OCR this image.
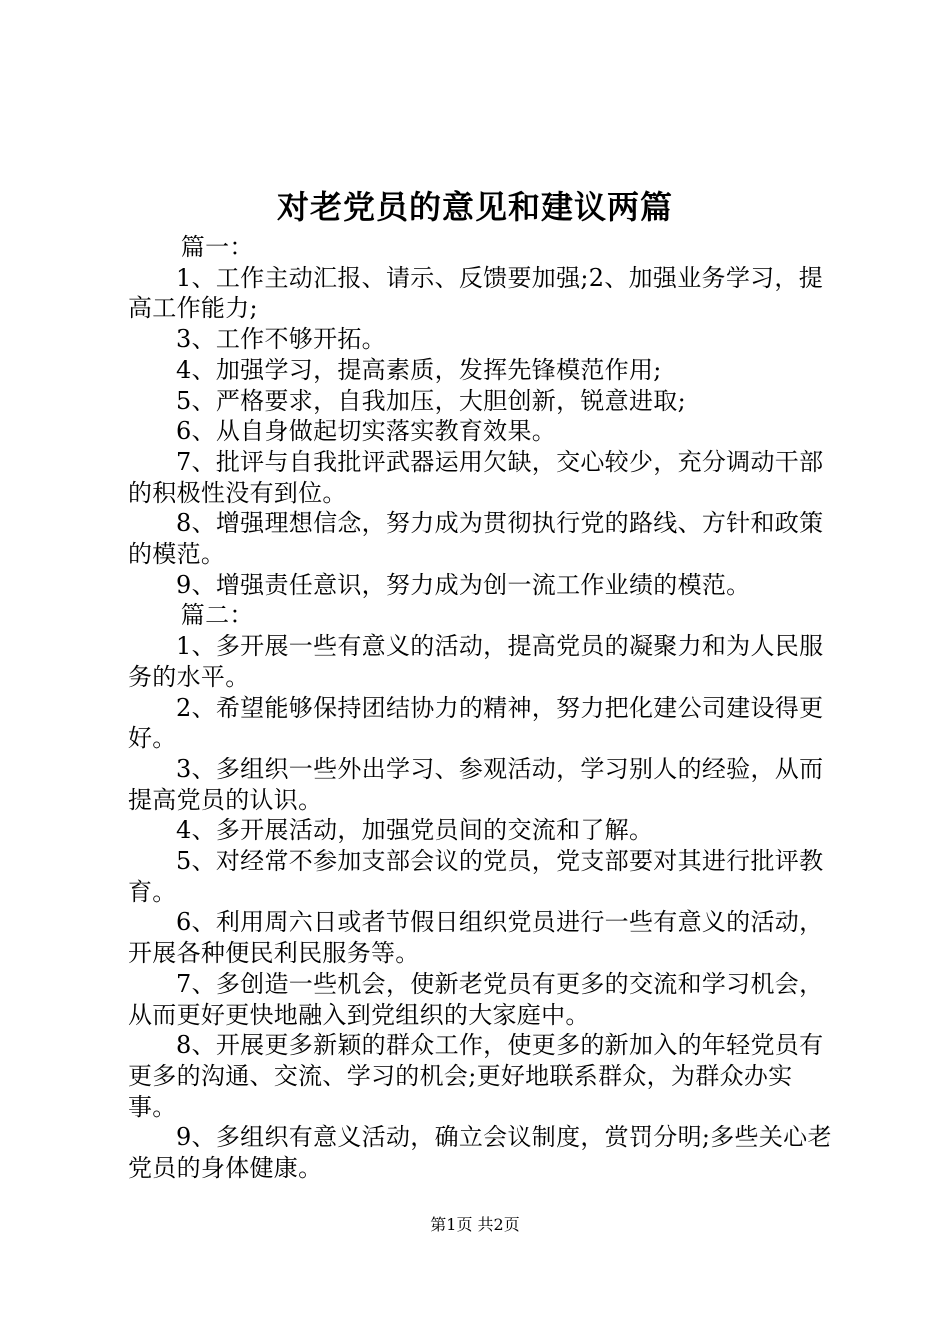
对老党员的意见和建议两篇

篇一：

1、工作主动汇报、请示、反馈要加强;2、加强业务学习，提高工作能力;

3、工作不够开拓。

4、加强学习，提高素质，发挥先锋模范作用;

5、严格要求，自我加压，大胆创新，锐意进取;

6、从自身做起切实落实教育效果。

7、批评与自我批评武器运用欠缺，交心较少，充分调动干部的积极性没有到位。

8、增强理想信念，努力成为贯彻执行党的路线、方针和政策的模范。

9、增强责任意识，努力成为创一流工作业绩的模范。

篇二：

1、多开展一些有意义的活动，提高党员的凝聚力和为人民服务的水平。

2、希望能够保持团结协力的精神，努力把化建公司建设得更好。

3、多组织一些外出学习、参观活动，学习别人的经验，从而提高党员的认识。

4、多开展活动，加强党员间的交流和了解。

5、对经常不参加支部会议的党员，党支部要对其进行批评教育。

6、利用周六日或者节假日组织党员进行一些有意义的活动，开展各种便民利民服务等。

7、多创造一些机会，使新老党员有更多的交流和学习机会，从而更好更快地融入到党组织的大家庭中。

8、开展更多新颖的群众工作，使更多的新加入的年轻党员有更多的沟通、交流、学习的机会;更好地联系群众，为群众办实事。

9、多组织有意义活动，确立会议制度，赏罚分明;多些关心老党员的身体健康。

第1页 共2页
